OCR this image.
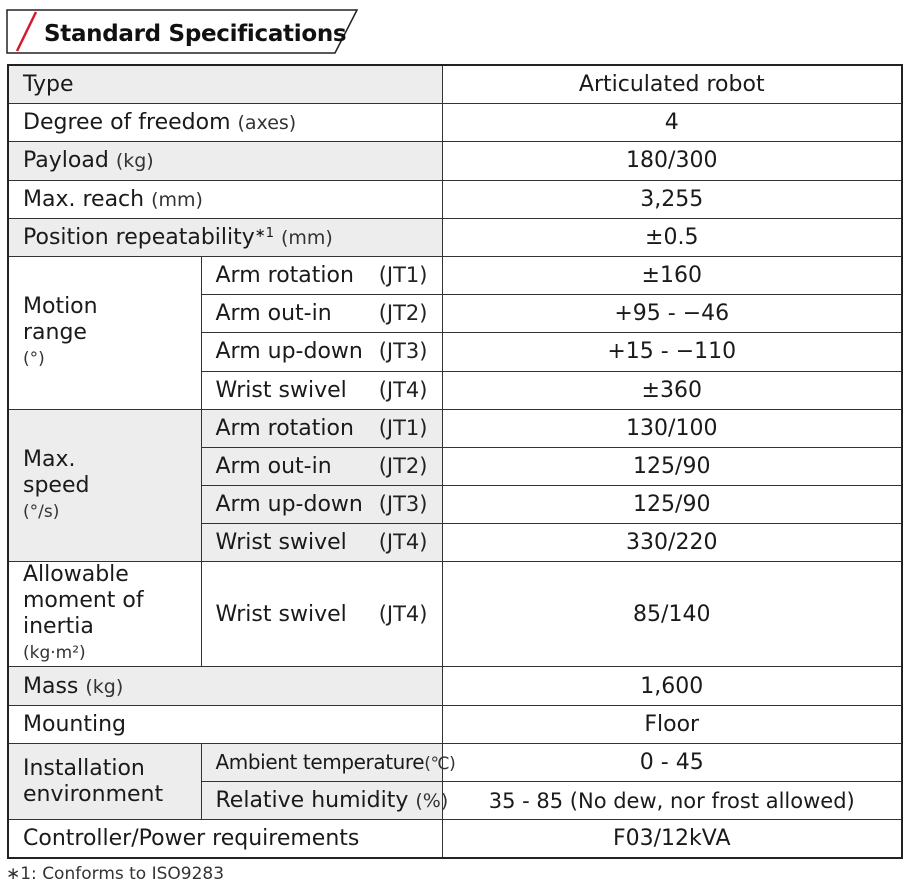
Standard Specifications
Type		Articulated robot
Degree of freedom (axes)		4
Payload (kg)		180/300
Max. reach (mm)		3,255
Position repeatability$^{∗1}$ (mm)		±0.5

Motion
range
(°)	Arm rotation (JT1)	±160
	Arm out-in (JT2)	+95 - −46
	Arm up-down (JT3)	+15 - −110
	Wrist swivel (JT4)	±360

Max.
speed
(°/s)	Arm rotation (JT1)	130/100
	Arm out-in (JT2)	125/90
	Arm up-down (JT3)	125/90
	Wrist swivel (JT4)	330/220

Allowable
moment of
inertia
(kg·m²)	Wrist swivel (JT4)	85/140
Mass (kg)		1,600
Mounting		Floor

Installation
environment	Ambient temperature(℃)	0 - 45
	Relative humidity (%)	35 - 85 (No dew, nor frost allowed)
Controller/Power requirements		F03/12kVA
∗1: Conforms to ISO9283
